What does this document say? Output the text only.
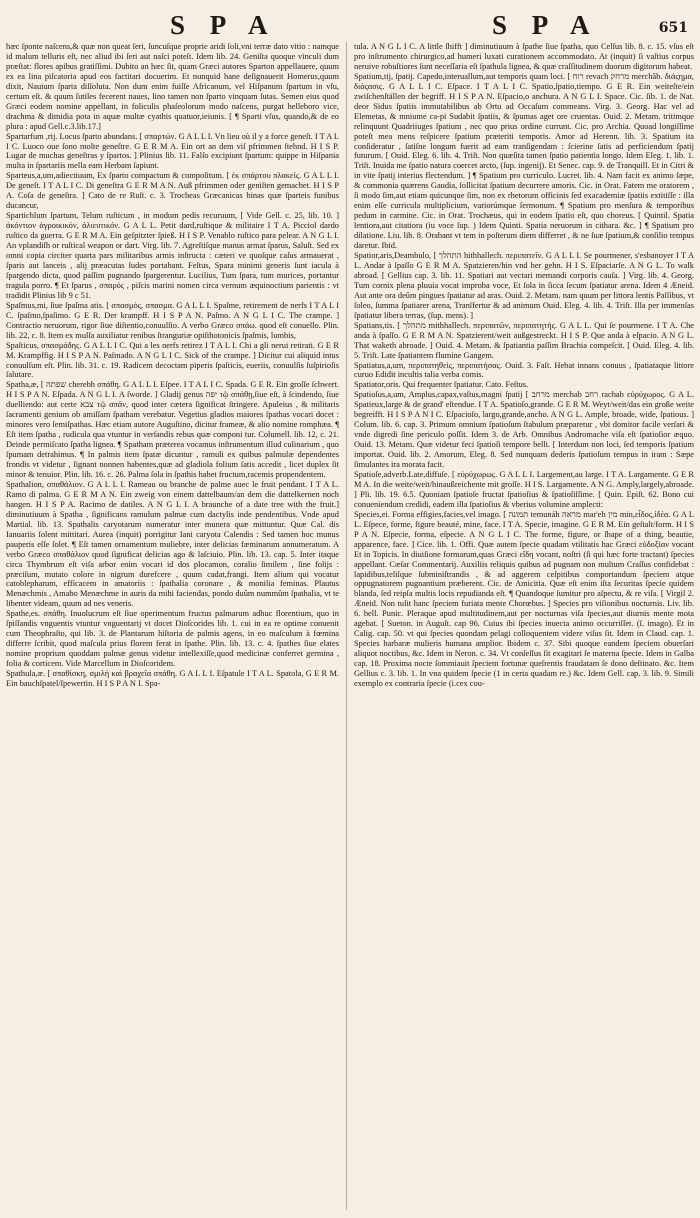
S P A	S P A	651

hæc ſponte naſcens,& quæ non queat ſeri, ſuncuſque proprie aridi ſoli,vni terræ dato vitio : namque id malum telluris eſt, nec aliud ibi ſeri aut naſci poteſt. Idem lib. 24. Geniſta quoque vinculi dum præſtat: flores apibus gratiſſimi. Dubito an hæc ſit, quam Græci autores Sparton appellauere, quum ex ea lina piſcatoria apud eos factitari docuerim. Et nunquid hane deſignauerit Homerus,quum dixit, Nauium ſparta diſſoluta. Non dum enim fuiſſe Africanum, vel Hiſpanum ſpartum in vſu, certum eſt. & quum ſutiles fecerent naues, lino tamen non ſparto vinquam ſutas. Semen eius quod Græci eodem nomine appellant, in foliculis phaſeolorum modo naſcens, purgat helleboro vice, drachma & dimidia pota in aquæ multæ cyathis quatuor,ieiunis. [ ¶ Sparti vſus, quando,& de eo plura : apud Gell.c.3.lib.17.]

Spartarfum ,rij. Locus ſparto abundans. [ σπαρτών. G A L L I. Vn lieu où il y a force geneſt. I T A L I C. Luoco oue ſono molte geneſtre. G E R M A. Ein ort an dem viſ pfrimmen ſtehnd. H I S P. Lugar de muchas geneſtras y ſpartos. ] Plinius lib. 11. Falſo excipiunt ſpartum: quippe in Hiſpania multa in ſpartariis mella eam Herbam ſapiunt.

Sparteus,a,um,adiectiuum, Ex ſparto compactum & compoſitum. [ ἐκ σπάρτου πλακείς. G A L L I. De geneſt. I T A L I C. Di geneſtra G E R M A N. Auß pfrimmen oder geniſten gemachet. H I S P A. Coſa de geneſtra. ] Cato de re Ruſt. c. 3. Trocheas Græcanicas binas quæ ſparteis funibus ducancur,

Spartichlum ſpartum, Telum ruſticum , in modum pedis recuruum, [ Vide Gell. c. 25, lib. 10. ] ἀκόντιον ἀγροικικόν, ἀλιευτικόν. G A L L. Petit dard,ruſtique & militaire I T A. Picciol dardo ruſtico da guerra. G E R M A. Ein geſpitzter ſpieß. H I S P. Venablo ruſtico para pelear. A N G L I. An vplandiſh or ruſtical weapon or dart. Virg. lib. 7. Agreſtiſque manus armat ſparus, Saluſt. Sed ex omni copia circiter quarta pars militaribus armis inſtructa : cæteri ve quoſque caſus armauerat , ſparis aut lanceis , alij præacutas ſudes portabant. Feſtus, Spara minimi generis ſunt iacula à ſpargendo dicta, quod paſſim pugnando ſpargerentur. Lucilius, Tum ſpara, tum murices, portantur tragula porro. ¶ Et ſparus , σπαρός , piſcis marini nomen circa vernum æquinoctium parientis : vt tradidit Plinius lib 9 c 51.

Spaſmus,mi, ſiue ſpaſma atis. [ σπασμός, σπασμα. G A L L I. Spaſme, retirement de nerfs I T A L I C. ſpaſmo,ſpaſimo. G E R. Der krampff. H I S P A N. Paſmo. A N G L I C. The crampe. ] Contractio neruorum, rigor ſiue diſtentio,conuulſio. A verbo Græco σπάω. quod eſt conuello. Plin. lib. 22, c. 8. Item ex mulſa auxiliatur renibus ſtranguriæ opiſthotonicis ſpaſmis, lumbis,

Spaſticus, σπασμάδης. G A L L I C. Qui a les nerfs retirez I T A L I. Chi a gli nerui retirati. G E R M. Krampffig. H I S P A N. Paſmado. A N G L I C. Sick of the crampe. ] Dicitur cui aliquid intus conuulſum eſt. Plin. lib. 31. c. 19. Radicem decoctam piperis ſpaſticis, eueriis, conuulſis ſuſpirioſis ſalutare.

Spatha,æ, [ שפתה cherebh σπάθη. G A L L I. Eſpee. I T A L I C. Spada. G E R. Ein groſſe ſchwert. H I S P A N. Eſpada. A N G L I. A ſworde. ] Gladij genus יפה τῷ σπάθῃ,ſiue eſt, à ſcindendo, ſiue duelliendo: aut certe צבא τῷ σπᾶν, quod inter cætera ſignificat ſtringere. Apuleius , & militaris ſacramenti genium ob amiſſam ſpatham verebatur. Vegetius gladios maiores ſpathas vocari docet : minores vero ſemiſpathas. Hæc etiam autore Auguſtino, dicitur frameæ, & alio nomine romphæa. ¶ Eſt item ſpatha , rudicula qua vtuntur in verſandis rebus quæ componi tur. Columell. lib. 12, c. 21. Deinde permiſcato ſpatha lignea. ¶ Spatham præterea vocamus inſtrumentum illud culinarium , quo ſpumam detrahimus. ¶ In palmis item ſpatæ dicuntur , ramuli ex quibus palmulæ dependentes frondis vt videtur , ſignant nonnen habentes,quæ ad gladiola folium ſatis accedit , licet duplex ſit minor & tenuior. Plin. lib. 16. c. 26. Palma ſola in ſpathis habet fructum,racemis propendentem.

Spathalion, σπαθάλιον. G A L L I. Rameau ou branche de palme auec le fruit pendant. I T A L. Ramo di palma. G E R M A N. Ein zweig von einem dattelbaum/an dem die dattelkernen noch hangen. H I S P A. Racimo de datiles. A N G L I. A braunche of a date tree with the fruit.] diminutiuum à Spatha , ſignificans ramulum palmæ cum dactylis inde pendentibus. Vnde apud Martial. lib. 13. Spathalis caryotarum numeratur inter munera quæ mittuntur. Quæ Cal. dis Ianuariis ſolent mittitari. Aurea (inquit) porrigitur Iani caryota Calendis : Sed tamen hoc munus pauperis eſſe ſolet. ¶ Eſt tamen ornamentum muliebre, inter delicias fæminarum annumeratum. A verbo Græco σπαθάλιον quod ſignificat delicias ago & laſciuio. Plin. lib. 13. cap. 5. Inter itaque circa Thymbrum eſt viſa arbor enim vocari id dos plocamon, coralio ſimilem , ſine folijs : præciſum, mutato colore in nigrum durefcere , quum cadat,frangi. Item alium qui vocatur catoblepharum, efficacem in amatoriis : ſpathalia coronare , & monilia feminas. Plautus Menæchmis , Amabo Menæchme in auris da mihi faciendas, pondo duûm nummûm ſpathalia, vt te libenter videam, quum ad nes veneris.

Spathe,es. σπάθη. Inuolucrum eſt ſiue operimentum fructus palmarum adhuc florentium, quo in ſpiſſandis vnguentis vtuntur vnguentarij vt docet Dioſcorides lib. 1. cui in ea re optime conuenit cum Theophraſto, qui lib. 3. de Plantarum hiſtoria de palmis agens, in eo maſculum à fœmina differre ſcribit, quod maſcula prius florem ferat in ſpathe. Plin. lib. 13. c. 4. ſpathes ſiue elates nomine proprium quoddam palmæ genus videtur intellexiſſe,quod medicinæ conferret germina , folia & corticem. Vide Marcellum in Dioſcoridem.

Spathula,æ. [ σπαθίσκη, σμιλή καὶ βραχεῖα σπάθη. G A L L I. Eſpatule I T A L. Spatola, G E R M. Ein bauchſpatel/ſpewertin. H I S P A N I. Spa-

tula. A N G L I C. A little ſhifft ] diminutiuum à ſpathe ſiue ſpatha, quo Celſus lib. 8. c. 15. vſus eſt pro inſtrumento chirurgico,ad humeri luxati curationem accommodato. At (inquit) ſi vaſtius corpus neruive robuſtiores ſunt neceſſaria eſt ſpathula lignea, & quæ craſſitudinem duorum digitorum habeat.

Spatium,tij, ſpatij. Capedo,interuallum,aut temporis quam loci. [ רוח revach מרחק merchâb. διάςημα, διάςασις. G A L L I C. Eſpace. I T A L I C. Spatio,ſpatio,tiempo. G E R. Ein weiteſte/ein zwiſchenſtällen der begriff. H I S P A N. Eſpacio,o anchura. A N G L I. Space. Cic. ſib. 1. de Nat. deor Sidus ſpatiis immutabilibus ab Ortu ad Occaſum commeans. Virg. 3. Georg. Hac vel ad Elemetas, & mniume ca-pi Sudabit ſpatiis, & ſpumas aget ore cruentas. Ouid. 2. Metam. tritimque relinquunt Quadriiuges ſpatium , nec quo prius ordine currunt. Cic. pro Archia. Quoad longiſſime poteſt mea mens reſpicere ſpatium præteriti temporis. Amor ad Herenn. lib. 3. Spatium ita conſideratur , ſatiſne longum fuerit ad eam tranſigendam : ſcierine ſatis ad perficiendum ſpatij futurum. [ Ouid. Eleg. 6. lib. 4. Triſt. Non quæſita tamen ſpatio patientia longo. Idem Eleg. 1. lib. 1. Triſt. Inuida me ſpatio natura coercet arcto, (ſup. ingenij). Et Senec. cap. 9. de Tranquill. Et in Citri & in vite ſpatij interius flectendum. ] ¶ Spatium pro curriculo. Lucret. lib. 4. Nam facit ex animo ſæpe, & commonia quærens Gaudia, ſollicitat ſpatium decurrere amoris. Cic. in Orat. Fatem me oratorem , ſi modo ſim,aut etiam quicunque ſim, non ex rhetorum officinis ſed exacademiæ ſpatiis extitiſſe : illa enim eſſe curricula multiplicium, variorúmque ſermonum. ¶ Spatium pro menſura & temporibus pedum in carmine. Cic. in Orat. Trochæus, qui in eodem ſpatio eſt, quo choreus. [ Quintil. Spatia lentiora,aut citatiora (iu voce ſup. ) Idem Quinti. Spatia neruorum in cithara. &c. ] ¶ Spatium pro dilatione. Liu. lib. 8. Orabant vt tem in poſterum diem differret , & ne ſuæ ſpatium,& conſilio tempus daretur. Ibid.

Spatior,aris,Deambulo, [ התהלך hithhallech. περιπατεῖν. G A L L I. Se pourmener, s'esbanoyer I T A L. Andar à ſpaſſo G E R M A. Spatzieren/hin vnd her gehn. H I S. Eſpaciarſe. A N G L. To walk abroad. [ Gellius cap. 3. lib. 11. Spatiari aut vectari memandi corporis cauſa. ] Virg. lib. 4. Georg. Tum cornix plena pluuia vocat improba voce, Et ſola in ſicca ſecum ſpatiatur arena. Idem 4 Æneid. Aut ante ora deûm pingues ſpatiatur ad aras. Ouid. 2. Metam. nam quum per littora lentis Paſſibus, vt ſoleo, ſumma ſpatiarer arena, Tranſfertur & ad animum Ouid. Eleg. 4. lib. 4. Triſt. Illa per immenſas ſpatiatur libera terras, (ſup. mens). ]

Spatians,tis. [ מתהלך mithhallech. περιπατῶν, περιπατητής. G A L L. Qui ſe pourmene. I T A. Che anda à ſpaſſo. G E R M A N. Spatzierent/weit außgestreckt. H I S P. Que anda à eſpacio. A N G L. That waketh abroade. ] Ouid. 4. Metam. & ſpatiantia paſſim Brachia compeſcit. [ Ouid. Eleg. 4. lib. 5. Triſt. Late ſpatiantem flumine Gangem.

Spatiatus,a,um, περιπατηθεὶς, περιπατήσας. Ouid. 3. Faſt. Hebat innans conuus , ſpatiataque littore curuo Edidit incultis talia verba comis.

Spatiator,oris. Qui frequenter ſpatiatur. Cato. Feſtus.

Spatioſus,a,um, Amplus,capax,vaſtus,magni ſpatij [ מרחב merchab רחב rachab εὐρύχωρος. G A L. Spatieux,large & de grand' eſtendue. I T A. Spatioſo,grande. G E R M. Weyt/weit/das ein große weite begreifft. H I S P A N I C. Eſpacioſo, largo,grande,ancho. A N G L. Ample, broade, wide, ſpatious. ] Colum. lib. 6. cap. 3. Primum omnium ſpatioſum ſtabulum præparetur , vbi domitor facile verſari & vnde digredi ſine periculo poſſit. Idem 3. de Arb. Omnibus Andromache viſa eſt ſpatioſior æquo. Ouid. 13. Metam. Quæ videtur feci ſpatioſi tempore belli. [ Interdum non loci, ſed temporis ſpatium importat. Ouid. lib. 2. Amorum, Eleg. 8. Sed nunquam dederis ſpatioſum tempus in iram : Sæpe ſimulantes ira morata facit.

Spatioſe,adverb.Late,diffuſe. [ εὐρύχωρως. G A L L I. Largement,au large. I T A. Largamente. G E R M A. In die weite/weit/hinaußreichente mit groſſe. H I S. Largamente. A N G. Amply,largely,abroade. ] Pli. lib. 19. 6.5. Quoniam ſpatioſe fructat ſpatioſius & ſpatioſiſſime. [ Quin. Epiſt. 62. Bono cui conueniendum credidi, eadem illa ſpatioſius & vberius volumine amplecti:

Species,ei. Forma effigies,facies,vel imago. [ תמונה temunáh מראה mar'eh מין min,εἶδος,ἰδέα. G A L L. Eſpece, forme, figure beauté, mine, face. I T A. Specie, imagine. G E R M. Ein geſtalt/form. H I S P A N. Eſpecie, forma, eſpecie. A N G L I C. The forme, figure, or ſhape of a thing, beautie, apparence, face. ] Cice. lib. 1. Offi. Quæ autem ſpecie quadam vtilitatis hac Græci εὐδοξίαν vocant Et in Topicis. In diuiſione formarum,quas Græci εἴδη vocant, noſtri (ſi qui hæc forte tractant) ſpecies appellant. Cæſar Commentarij. Auxiliis reliquis quibus ad pugnam non multum Craſſus confidebat : lapidibus,teliſque ſubminiſtrandis , & ad aggerem ceſpitibus comportandum ſpeciem atque oppugnatorem pugnantium præberent. Cic. de Amicitia. Quæ eſt enim iſta ſecuritas ſpecie quidem blanda, ſed reipſa multis locis repudianda eſt. ¶ Quandoque ſumitur pro aſpectu, & re viſa. [ Virgil 2. Æneid. Non tulit hanc ſpeciem furiata mente Chorœbus. ] Species pro viſionibus nocturnis. Liv. lib. 6. bell. Punic. Pleraque apud multitudinem,aut per nocturnas viſa ſpecies,aut diurnis mente mota agebat. [ Sueton. in Auguſt. cap 96. Cuius ibi ſpecies inuecta animo occurriſſet. (ſ. imago). Et in Calig. cap. 50. vt qui ſpecies quondam pelagi colloquentem videre viſus ſit. Idem in Claud. cap. 1. Species barbaræ mulieris humana amplior. Ibidem c. 37. Sibi quoque eandem ſpeciem obuerſari aliquot noctibus, &c. Idem in Neron. c. 34. Vt conſeſſus ſit exagitari ſe materna ſpecie. Idem in Galba cap. 18. Proxima nocte ſommiauit ſpeciem fortunæ queſrentis fraudatam ſe dono deſtinato. &c. Item Gellius c. 3. lib. 1. In vna quidem ſpecie (1 in certa quadam re.) &c. Idem Gell. cap. 3. lib. 9. Simili exemplo ex contraria ſpecie (i.cex cou-
